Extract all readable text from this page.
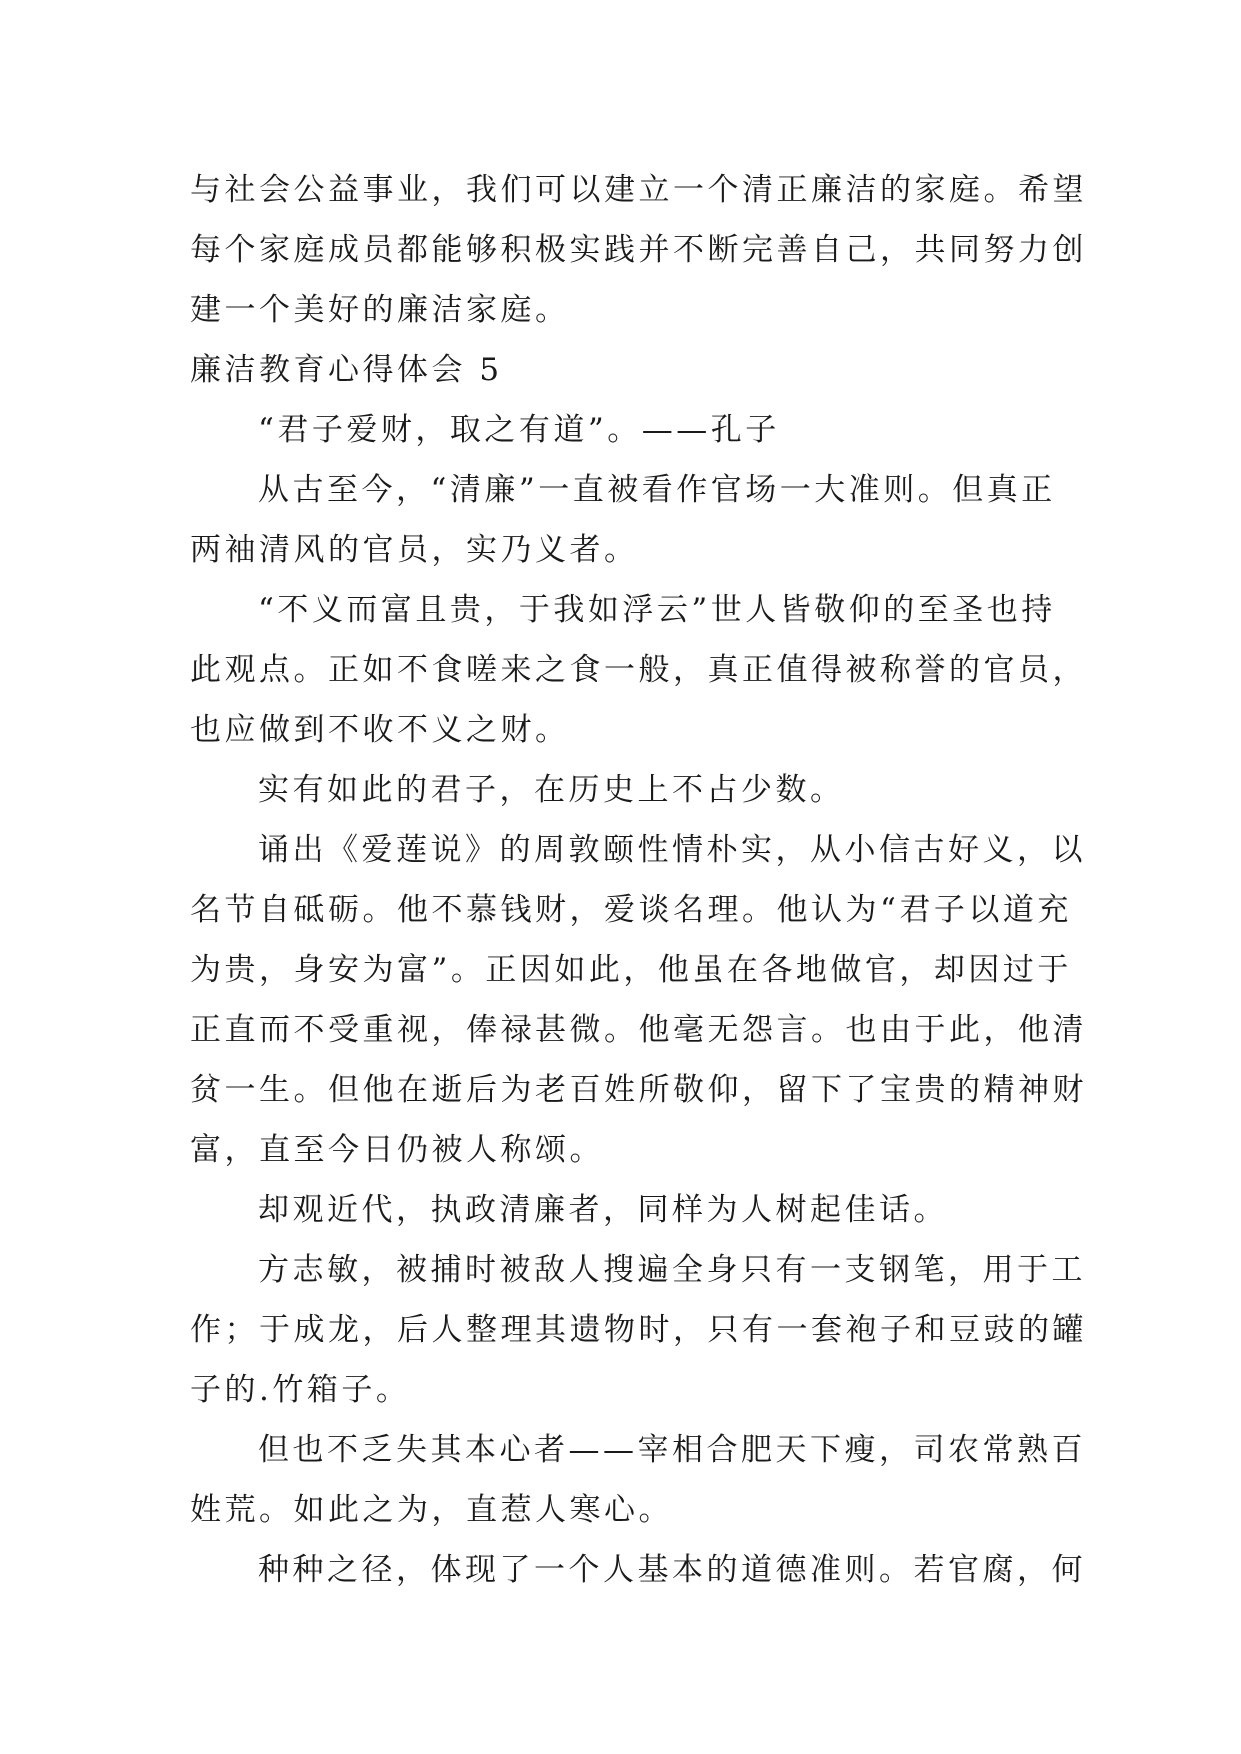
与社会公益事业，我们可以建立一个清正廉洁的家庭。希望
每个家庭成员都能够积极实践并不断完善自己，共同努力创
建一个美好的廉洁家庭。
廉洁教育心得体会 5
“君子爱财，取之有道”。——孔子
从古至今，“清廉”一直被看作官场一大准则。但真正
两袖清风的官员，实乃义者。
“不义而富且贵，于我如浮云”世人皆敬仰的至圣也持
此观点。正如不食嗟来之食一般，真正值得被称誉的官员，
也应做到不收不义之财。
实有如此的君子，在历史上不占少数。
诵出《爱莲说》的周敦颐性情朴实，从小信古好义，以
名节自砥砺。他不慕钱财，爱谈名理。他认为“君子以道充
为贵，身安为富”。正因如此，他虽在各地做官，却因过于
正直而不受重视，俸禄甚微。他毫无怨言。也由于此，他清
贫一生。但他在逝后为老百姓所敬仰，留下了宝贵的精神财
富，直至今日仍被人称颂。
却观近代，执政清廉者，同样为人树起佳话。
方志敏，被捕时被敌人搜遍全身只有一支钢笔，用于工
作；于成龙，后人整理其遗物时，只有一套袍子和豆豉的罐
子的.竹箱子。
但也不乏失其本心者——宰相合肥天下瘦，司农常熟百
姓荒。如此之为，直惹人寒心。
种种之径，体现了一个人基本的道德准则。若官腐，何
